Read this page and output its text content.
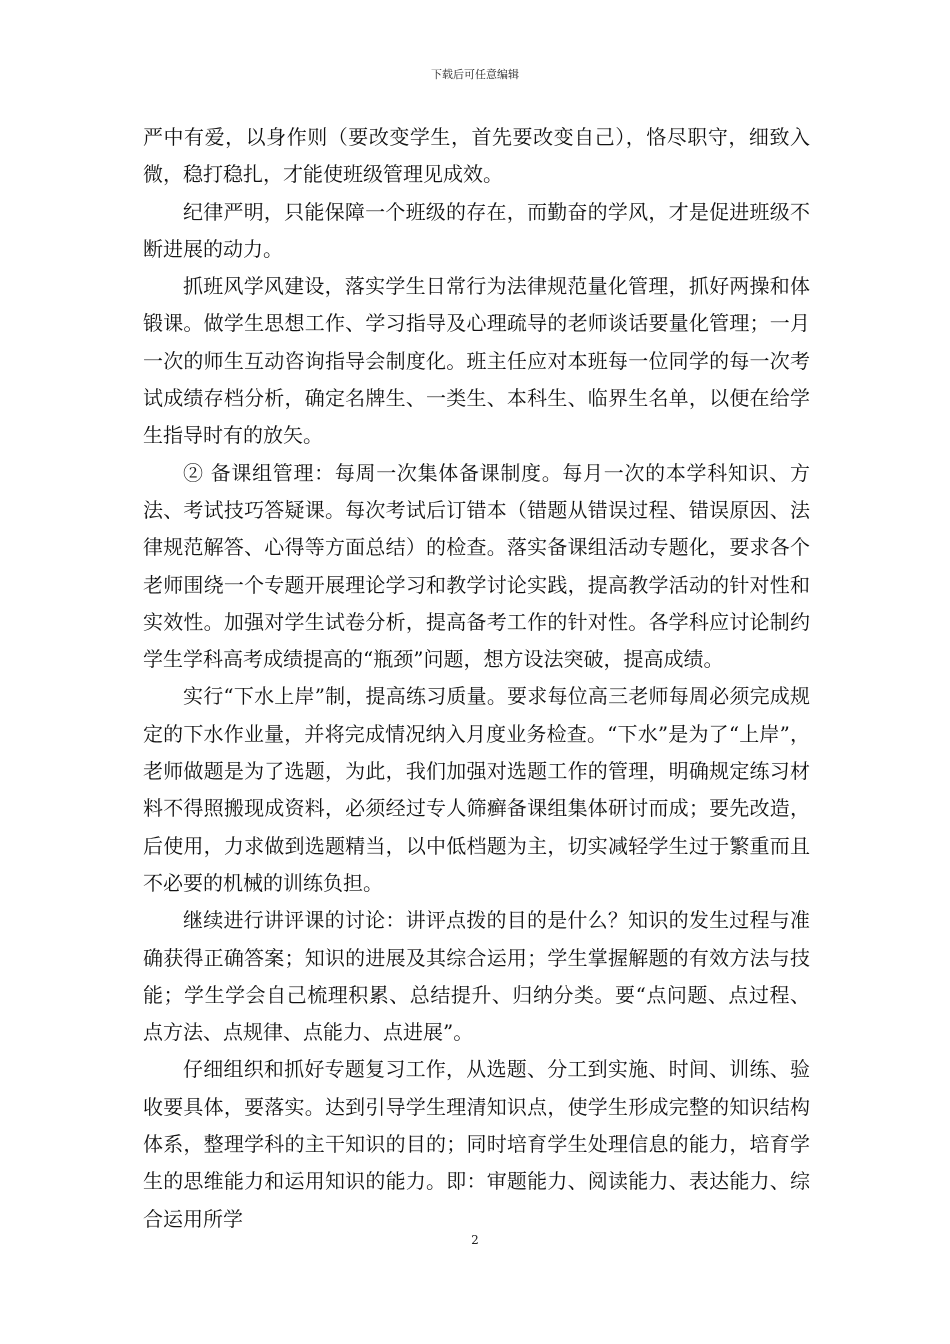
下载后可任意编辑

严中有爱，以身作则（要改变学生，首先要改变自己），恪尽职守，细致入微，稳打稳扎，才能使班级管理见成效。

纪律严明，只能保障一个班级的存在，而勤奋的学风，才是促进班级不断进展的动力。

抓班风学风建设，落实学生日常行为法律规范量化管理，抓好两操和体锻课。做学生思想工作、学习指导及心理疏导的老师谈话要量化管理；一月一次的师生互动咨询指导会制度化。班主任应对本班每一位同学的每一次考试成绩存档分析，确定名牌生、一类生、本科生、临界生名单，以便在给学生指导时有的放矢。

② 备课组管理：每周一次集体备课制度。每月一次的本学科知识、方法、考试技巧答疑课。每次考试后订错本（错题从错误过程、错误原因、法律规范解答、心得等方面总结）的检查。落实备课组活动专题化，要求各个老师围绕一个专题开展理论学习和教学讨论实践，提高教学活动的针对性和实效性。加强对学生试卷分析，提高备考工作的针对性。各学科应讨论制约学生学科高考成绩提高的“瓶颈”问题，想方设法突破，提高成绩。

实行“下水上岸”制，提高练习质量。要求每位高三老师每周必须完成规定的下水作业量，并将完成情况纳入月度业务检查。“下水”是为了“上岸”，老师做题是为了选题，为此，我们加强对选题工作的管理，明确规定练习材料不得照搬现成资料，必须经过专人筛癣备课组集体研讨而成；要先改造，后使用，力求做到选题精当，以中低档题为主，切实减轻学生过于繁重而且不必要的机械的训练负担。

继续进行讲评课的讨论：讲评点拨的目的是什么？知识的发生过程与准确获得正确答案；知识的进展及其综合运用；学生掌握解题的有效方法与技能；学生学会自己梳理积累、总结提升、归纳分类。要“点问题、点过程、点方法、点规律、点能力、点进展”。

仔细组织和抓好专题复习工作，从选题、分工到实施、时间、训练、验收要具体，要落实。达到引导学生理清知识点，使学生形成完整的知识结构体系，整理学科的主干知识的目的；同时培育学生处理信息的能力，培育学生的思维能力和运用知识的能力。即：审题能力、阅读能力、表达能力、综合运用所学

2
